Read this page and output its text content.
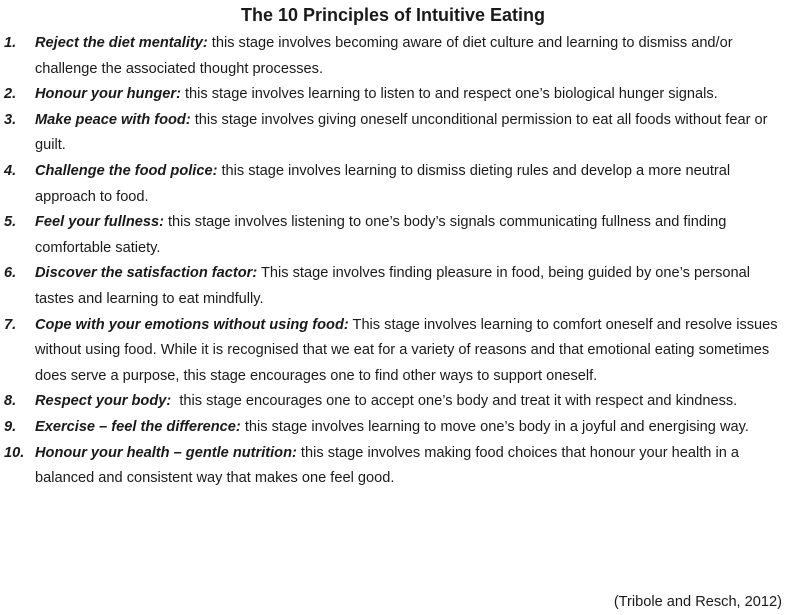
The 10 Principles of Intuitive Eating
1. Reject the diet mentality: this stage involves becoming aware of diet culture and learning to dismiss and/or challenge the associated thought processes.
2. Honour your hunger: this stage involves learning to listen to and respect one’s biological hunger signals.
3. Make peace with food: this stage involves giving oneself unconditional permission to eat all foods without fear or guilt.
4. Challenge the food police: this stage involves learning to dismiss dieting rules and develop a more neutral approach to food.
5. Feel your fullness: this stage involves listening to one’s body’s signals communicating fullness and finding comfortable satiety.
6. Discover the satisfaction factor: This stage involves finding pleasure in food, being guided by one’s personal tastes and learning to eat mindfully.
7. Cope with your emotions without using food: This stage involves learning to comfort oneself and resolve issues without using food. While it is recognised that we eat for a variety of reasons and that emotional eating sometimes does serve a purpose, this stage encourages one to find other ways to support oneself.
8. Respect your body:  this stage encourages one to accept one’s body and treat it with respect and kindness.
9. Exercise – feel the difference: this stage involves learning to move one’s body in a joyful and energising way.
10. Honour your health – gentle nutrition: this stage involves making food choices that honour your health in a balanced and consistent way that makes one feel good.

(Tribole and Resch, 2012)
